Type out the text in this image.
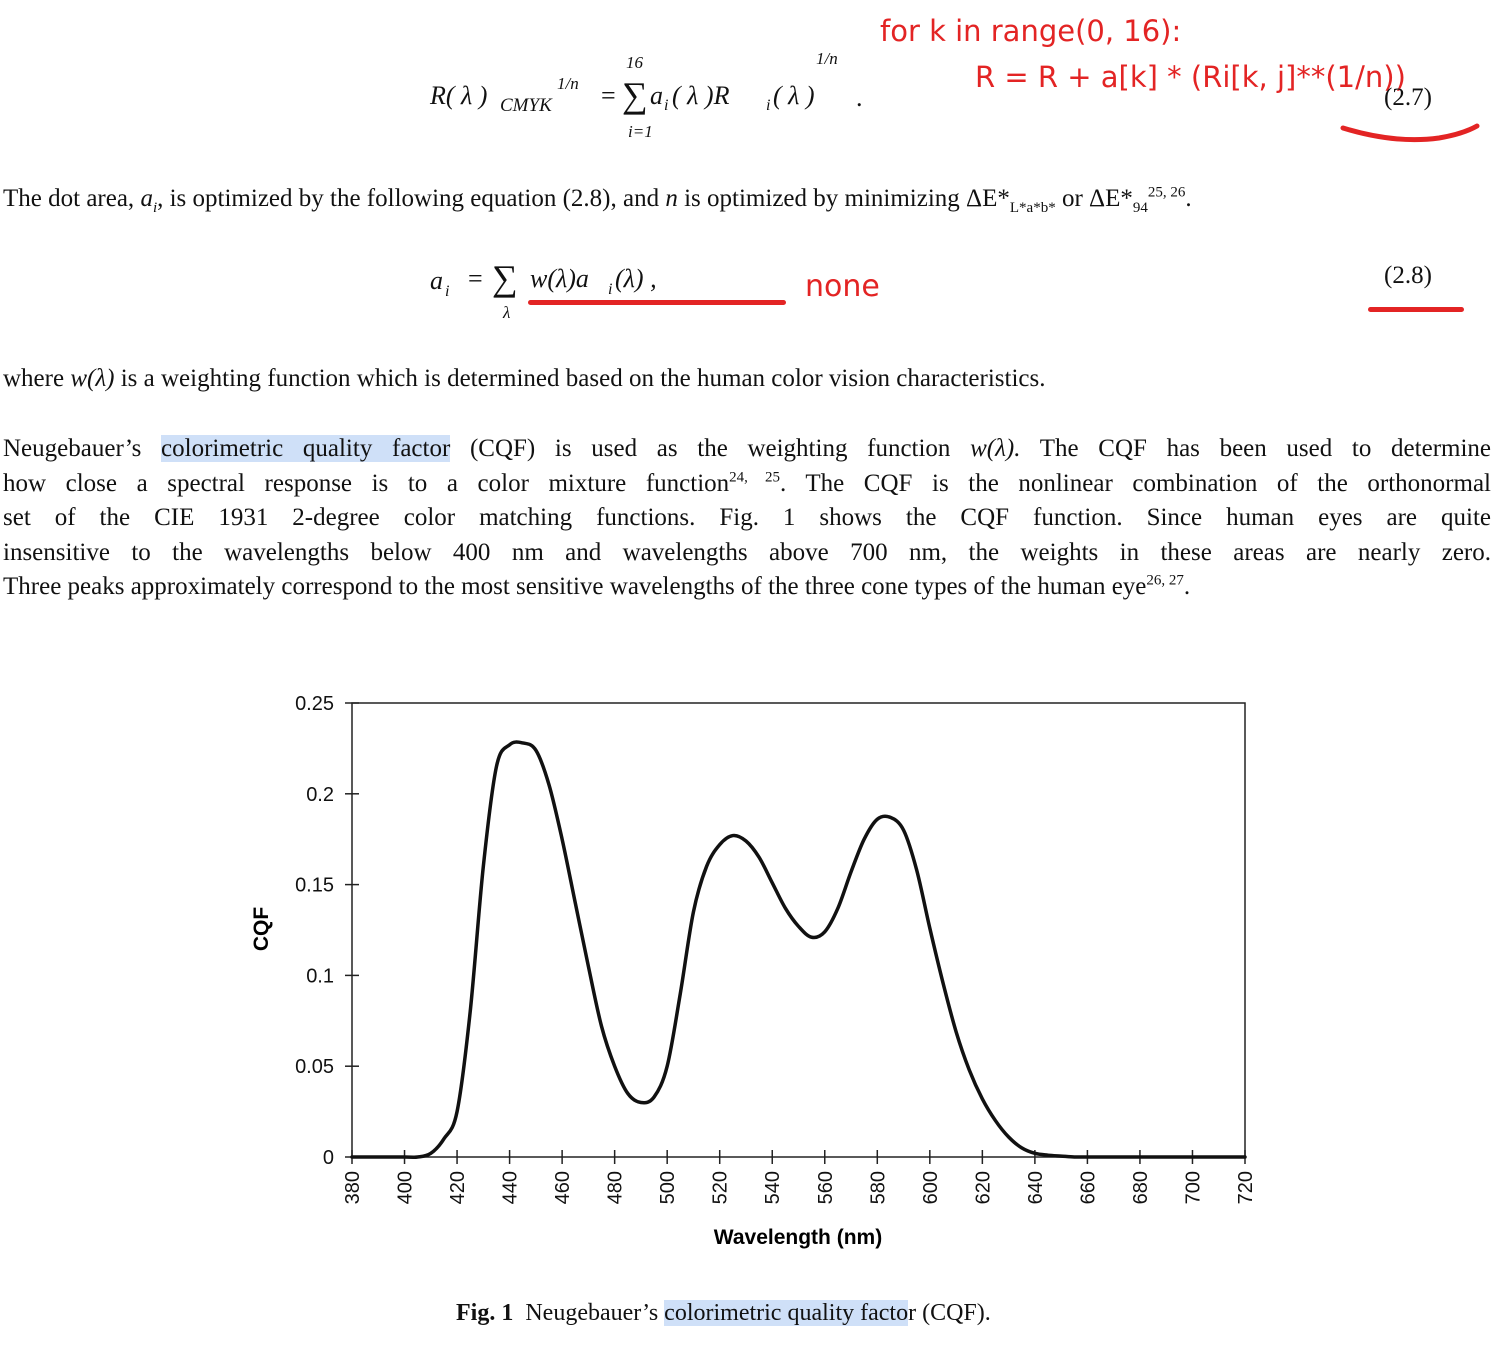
for k in range(0, 16):
R = R + a[k] * (Ri[k, j]**(1/n))
none
R( λ ) CMYK
1/n =
16
∑
i=1
a i ( λ )R i ( λ )
1/n
.	(2.7)
The dot area, $a_i$, is optimized by the following equation (2.8), and n is optimized by minimizing $\Delta E*_{L*a*b*}$ or $\Delta E*_{94}^{25, 26}$.
a i = ∑
λ
w(λ)a i (λ) ,	(2.8)
where w(λ) is a weighting function which is determined based on the human color vision characteristics.
Neugebauer’s colorimetric quality factor (CQF) is used as the weighting function w(λ). The CQF has been used to determine
how close a spectral response is to a color mixture function$^{24, 25}$. The CQF is the nonlinear combination of the orthonormal
set of the CIE 1931 2-degree color matching functions. Fig. 1 shows the CQF function. Since human eyes are quite
insensitive to the wavelengths below 400 nm and wavelengths above 700 nm, the weights in these areas are nearly zero.
Three peaks approximately correspond to the most sensitive wavelengths of the three cone types of the human eye$^{26, 27}$.
0
0.05
0.1
0.15
0.2
0.25
380 400 420 440 460 480 500 520 540 560 580 600 620 640 660 680 700 720
CQF
Wavelength (nm)
Fig. 1  Neugebauer’s colorimetric quality factor (CQF).
